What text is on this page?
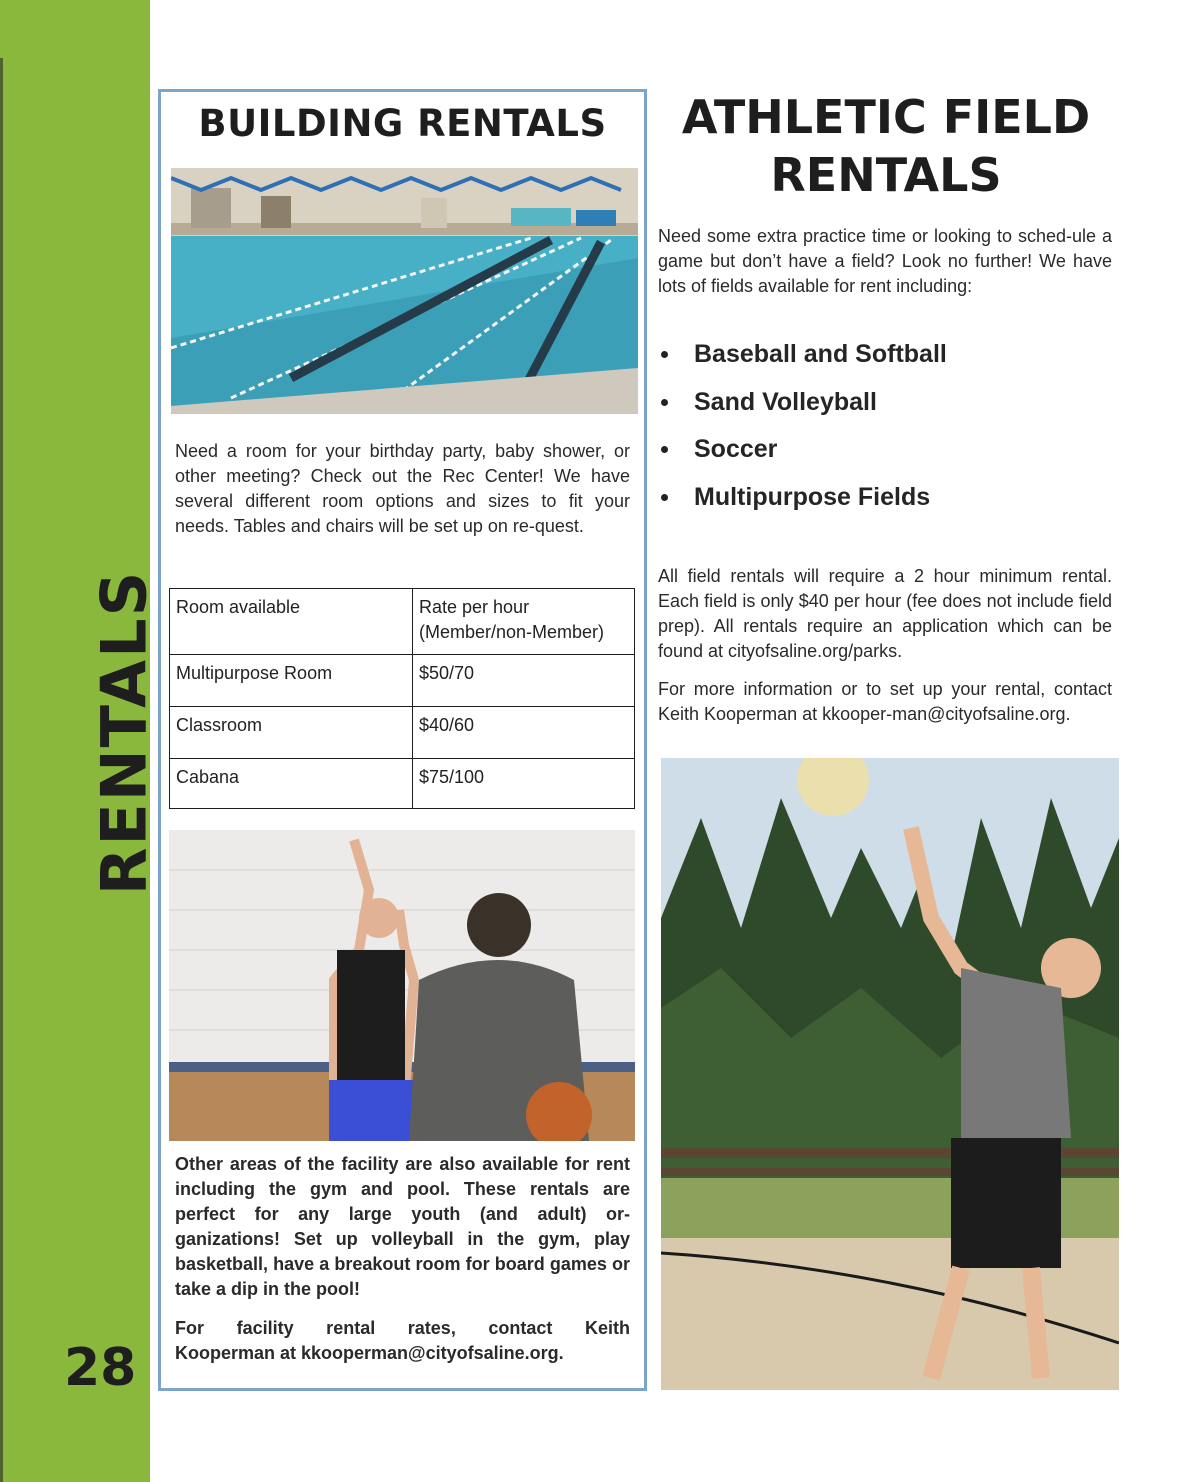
RENTALS
28
BUILDING RENTALS
Need a room for your birthday party, baby shower, or other meeting? Check out the Rec Center! We have several different room options and sizes to fit your needs. Tables and chairs will be set up on re-quest.
Room available	Rate per hour (Member/non-Member)
Multipurpose Room	$50/70
Classroom	$40/60
Cabana	$75/100
Other areas of the facility are also available for rent including the gym and pool. These rentals are perfect for any large youth (and adult) or-ganizations! Set up volleyball in the gym, play basketball, have a breakout room for board games or take a dip in the pool!
For facility rental rates, contact Keith
Kooperman at kkooperman@cityofsaline.org.
ATHLETIC FIELD
RENTALS
Need some extra practice time or looking to sched-ule a game but don’t have a field? Look no further! We have lots of fields available for rent including:
Baseball and Softball
Sand Volleyball
Soccer
Multipurpose Fields
All field rentals will require a 2 hour minimum rental. Each field is only $40 per hour (fee does not include field prep). All rentals require an application which can be found at cityofsaline.org/parks.
For more information or to set up your rental, contact Keith Kooperman at kkooper-man@cityofsaline.org.
